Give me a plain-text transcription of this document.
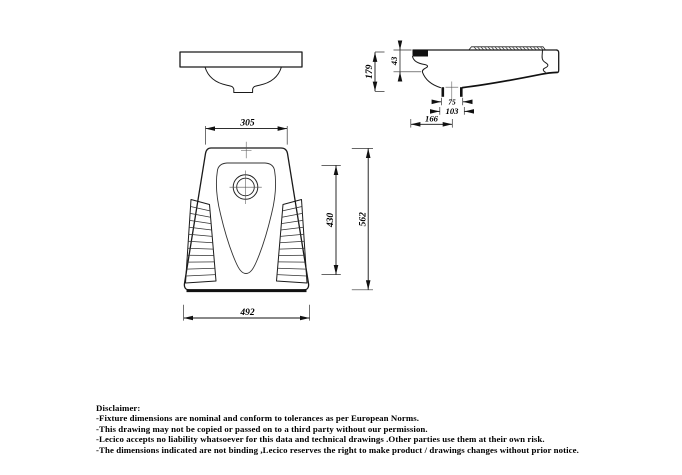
179
43
75
103
166
305
492
430 562
Disclaimer:
-Fixture dimensions are nominal and conform to tolerances as per European Norms.
-This drawing may not be copied or passed on to a third party without our permission.
-Lecico accepts no liability whatsoever for this data and technical drawings .Other parties use them at their own risk.
-The dimensions indicated are not binding ,Lecico reserves the right to make product / drawings changes without prior notice.
